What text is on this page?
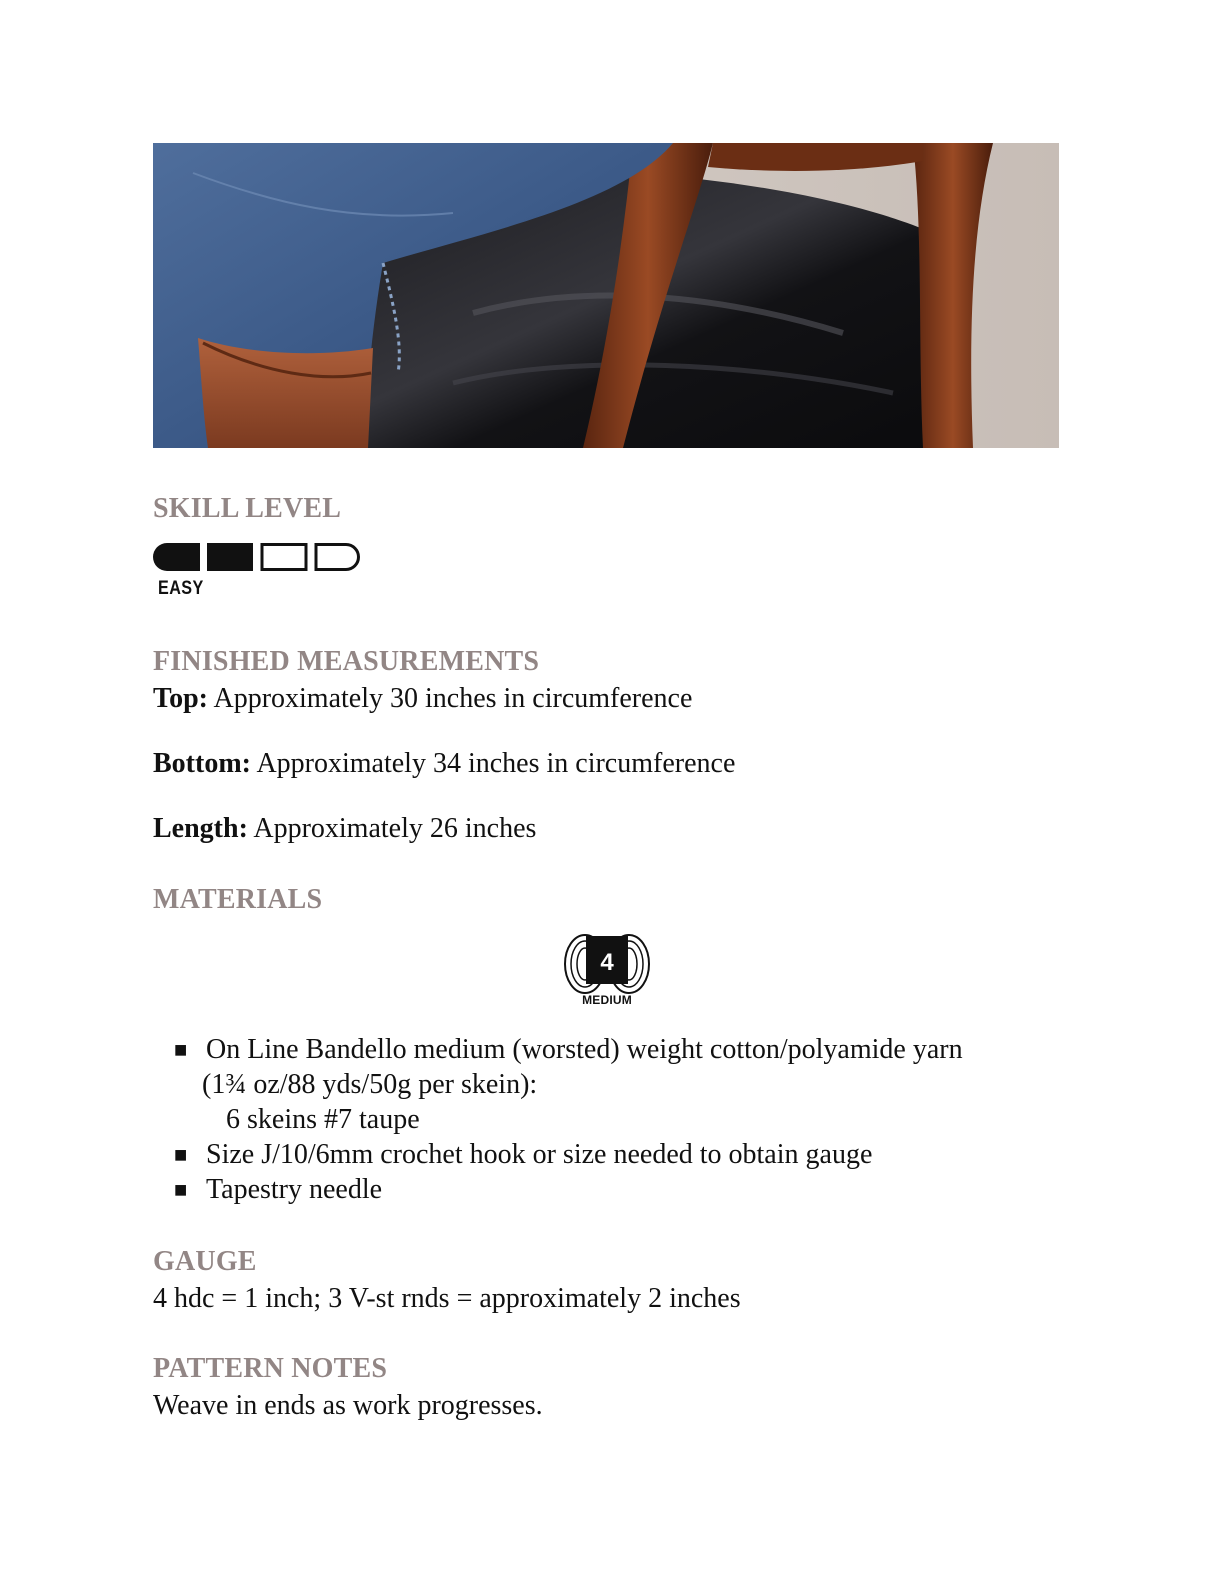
SKILL LEVEL

EASY

FINISHED MEASUREMENTS

Top: Approximately 30 inches in circumference

Bottom: Approximately 34 inches in circumference

Length: Approximately 26 inches

MATERIALS
4

MEDIUM

■ On Line Bandello medium (worsted) weight cotton/polyamide yarn
(1¾ oz/88 yds/50g per skein):
6 skeins #7 taupe
■ Size J/10/6mm crochet hook or size needed to obtain gauge
■ Tapestry needle
GAUGE

4 hdc = 1 inch; 3 V-st rnds = approximately 2 inches

PATTERN NOTES

Weave in ends as work progresses.
